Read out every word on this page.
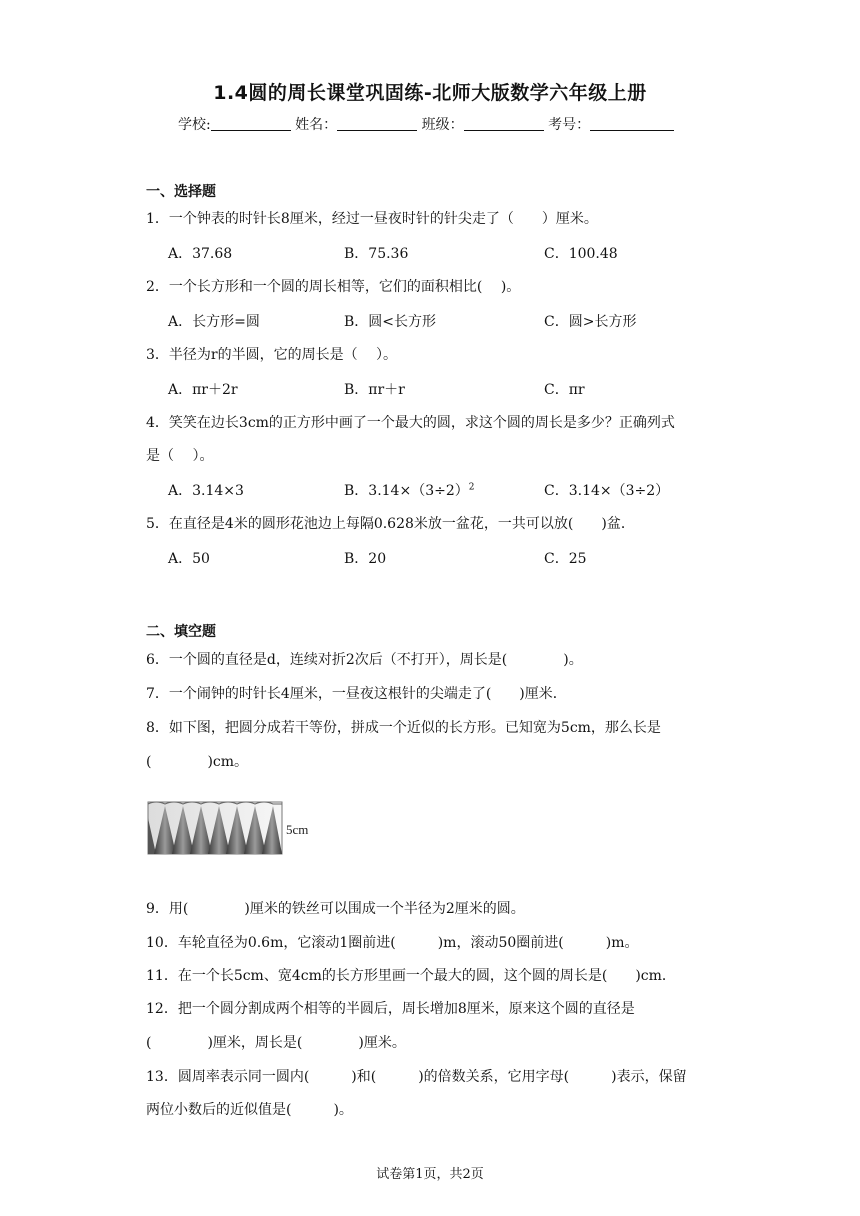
1.4圆的周长课堂巩固练-北师大版数学六年级上册
学校:	姓名：	班级：	考号：
一、选择题
1．一个钟表的时针长8厘米，经过一昼夜时针的针尖走了（　　）厘米。
A．37.68	B．75.36	C．100.48
2．一个长方形和一个圆的周长相等，它们的面积相比(　 )。
A．长方形=圆	B．圆<长方形	C．圆>长方形
3．半径为r的半圆，它的周长是（　 ）。
A．πr＋2r	B．πr＋r	C．πr
4．笑笑在边长3cm的正方形中画了一个最大的圆，求这个圆的周长是多少？正确列式
是（　 ）。
A．3.14×3	B．$3.14\times(3\div 2)^2$	C．3.14×（3÷2）
5．在直径是4米的圆形花池边上每隔0.628米放一盆花，一共可以放(　　)盆．
A．50	B．20	C．25
二、填空题
6．一个圆的直径是d，连续对折2次后（不打开），周长是(　　　　)。
7．一个闹钟的时针长4厘米，一昼夜这根针的尖端走了(　　)厘米．
8．如下图，把圆分成若干等份，拼成一个近似的长方形。已知宽为5cm，那么长是
(　　　　)cm。
5cm
9．用(　　　　)厘米的铁丝可以围成一个半径为2厘米的圆。
10．车轮直径为0.6m，它滚动1圈前进(　　　)m，滚动50圈前进(　　　)m。
11．在一个长5cm、宽4cm的长方形里画一个最大的圆，这个圆的周长是(　　)cm．
12．把一个圆分割成两个相等的半圆后，周长增加8厘米，原来这个圆的直径是
(　　　　)厘米，周长是(　　　　)厘米。
13．圆周率表示同一圆内(　　　)和(　　　)的倍数关系，它用字母(　　　)表示，保留
两位小数后的近似值是(　　　)。
试卷第1页，共2页
